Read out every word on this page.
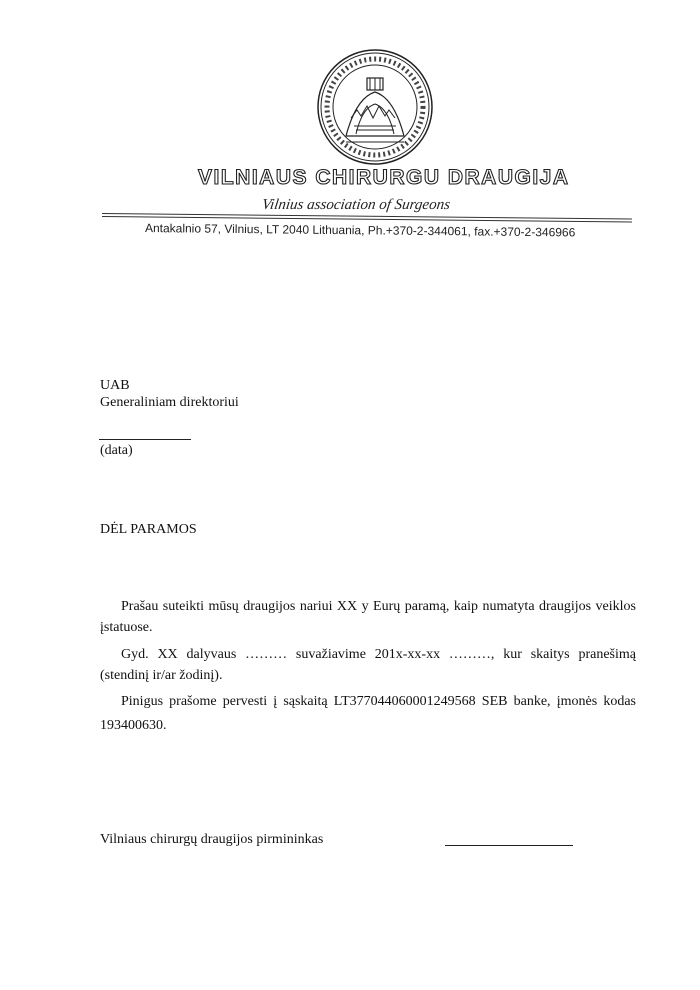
VILNIAUS CHIRURGU DRAUGIJA
Vilnius association of Surgeons
Antakalnio 57, Vilnius, LT 2040 Lithuania, Ph.+370-2-344061, fax.+370-2-346966
UAB
Generaliniam direktoriui
(data)
DĖL PARAMOS
Prašau suteikti mūsų draugijos nariui XX y Eurų paramą, kaip numatyta draugijos veiklos
įstatuose.
Gyd. XX dalyvaus ……… suvažiavime 201x-xx-xx ………, kur skaitys pranešimą
(stendinį ir/ar žodinį).
Pinigus prašome pervesti į sąskaitą LT377044060001249568 SEB banke, įmonės kodas
193400630.
Vilniaus chirurgų draugijos pirmininkas
